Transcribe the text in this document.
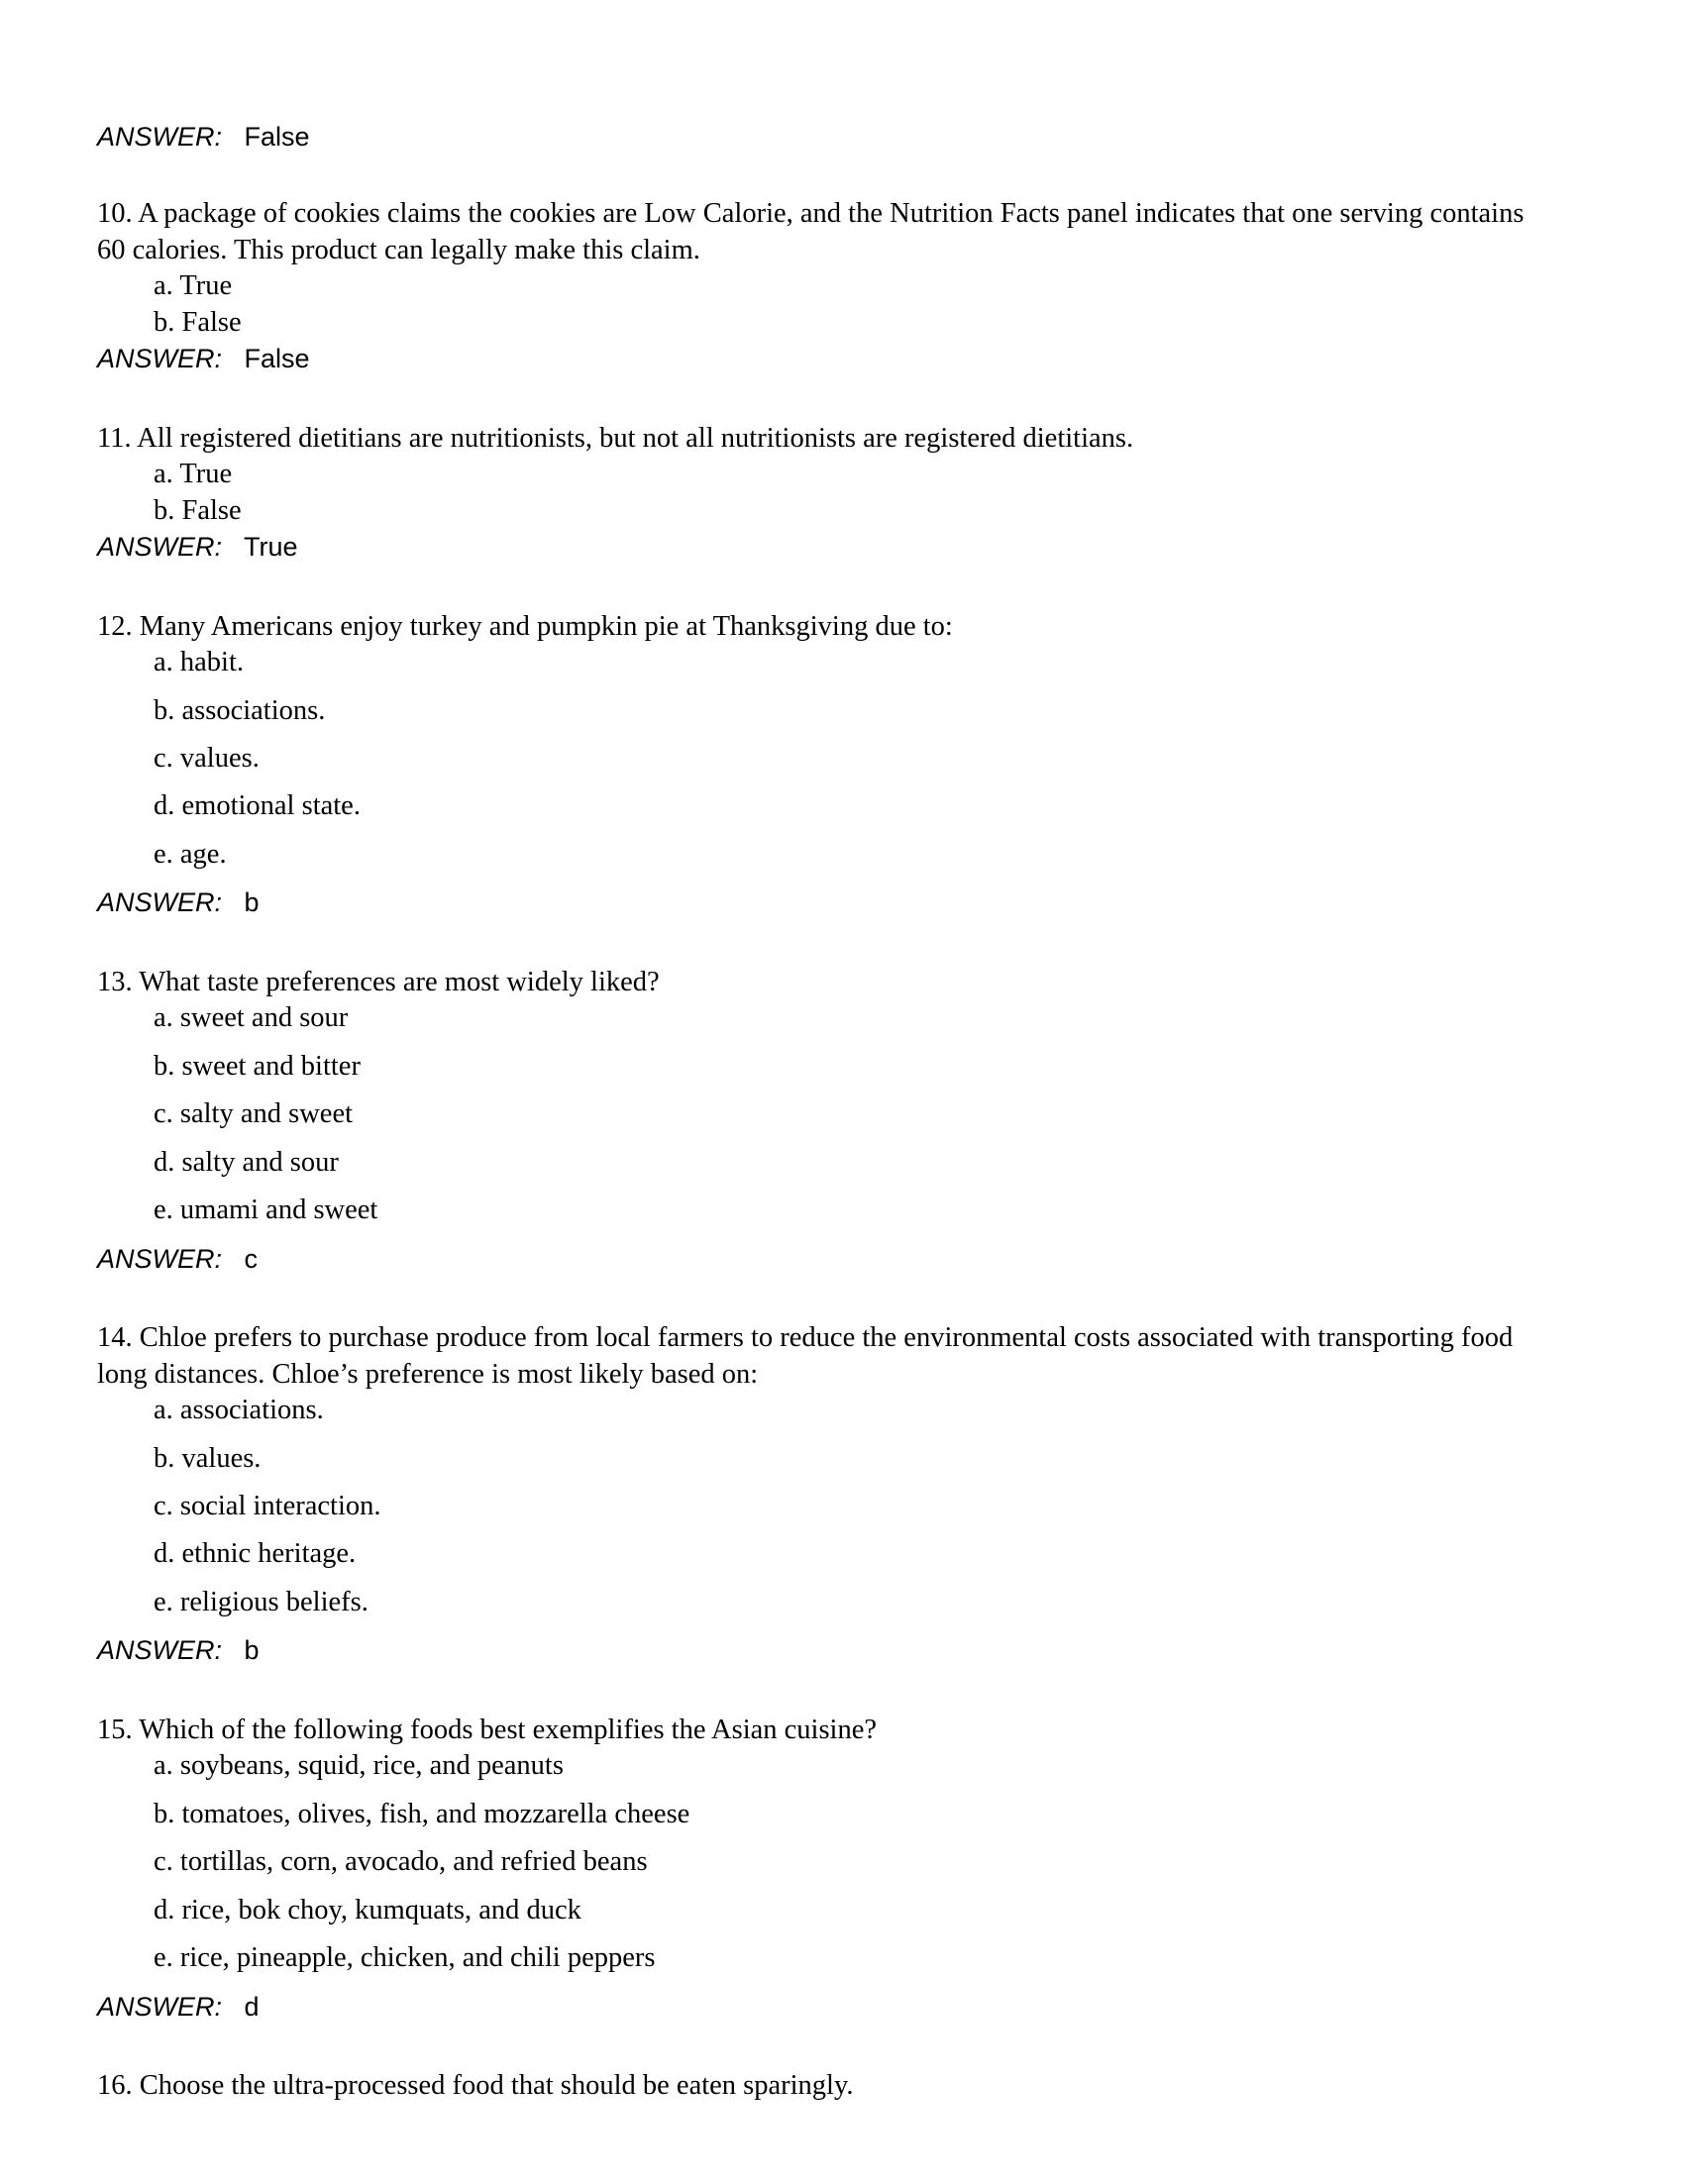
ANSWER:   False

10. A package of cookies claims the cookies are Low Calorie, and the Nutrition Facts panel indicates that one serving contains 60 calories. This product can legally make this claim.

a. True
b. False

ANSWER:   False

11. All registered dietitians are nutritionists, but not all nutritionists are registered dietitians.

a. True
b. False

ANSWER:   True

12. Many Americans enjoy turkey and pumpkin pie at Thanksgiving due to:

a. habit.
b. associations.
c. values.
d. emotional state.
e. age.

ANSWER:   b

13. What taste preferences are most widely liked?

a. sweet and sour
b. sweet and bitter
c. salty and sweet
d. salty and sour
e. umami and sweet

ANSWER:   c

14. Chloe prefers to purchase produce from local farmers to reduce the environmental costs associated with transporting food long distances. Chloe’s preference is most likely based on:

a. associations.
b. values.
c. social interaction.
d. ethnic heritage.
e. religious beliefs.

ANSWER:   b

15. Which of the following foods best exemplifies the Asian cuisine?

a. soybeans, squid, rice, and peanuts
b. tomatoes, olives, fish, and mozzarella cheese
c. tortillas, corn, avocado, and refried beans
d. rice, bok choy, kumquats, and duck
e. rice, pineapple, chicken, and chili peppers

ANSWER:   d

16. Choose the ultra-processed food that should be eaten sparingly.
